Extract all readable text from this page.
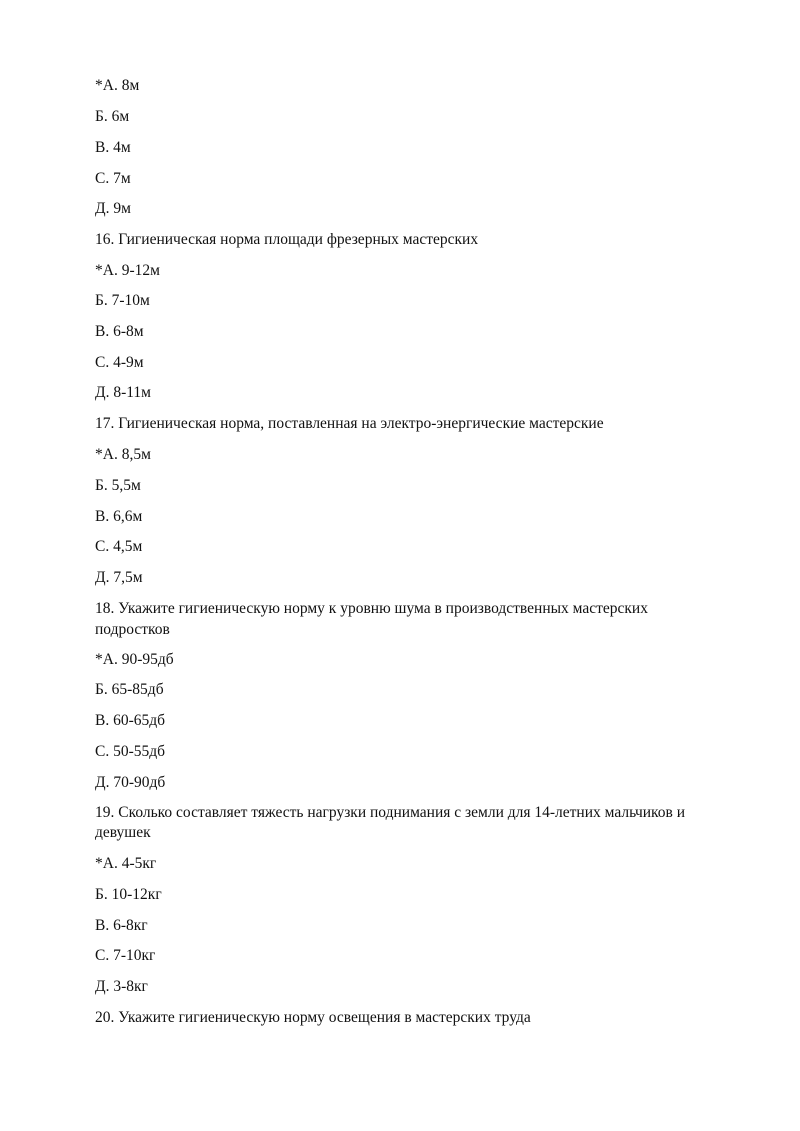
*А. 8м
Б. 6м
В. 4м
С. 7м
Д. 9м
16. Гигиеническая норма площади фрезерных мастерских
*А. 9-12м
Б. 7-10м
В. 6-8м
С. 4-9м
Д. 8-11м
17. Гигиеническая норма, поставленная на электро-энергические мастерские
*А. 8,5м
Б. 5,5м
В. 6,6м
С. 4,5м
Д. 7,5м
18. Укажите гигиеническую норму к уровню шума в производственных мастерских
подростков
*А. 90-95дб
Б. 65-85дб
В. 60-65дб
С. 50-55дб
Д. 70-90дб
19. Сколько составляет тяжесть нагрузки поднимания с земли для 14-летних мальчиков и
девушек
*А. 4-5кг
Б. 10-12кг
В. 6-8кг
С. 7-10кг
Д. 3-8кг
20. Укажите гигиеническую норму освещения в мастерских труда
